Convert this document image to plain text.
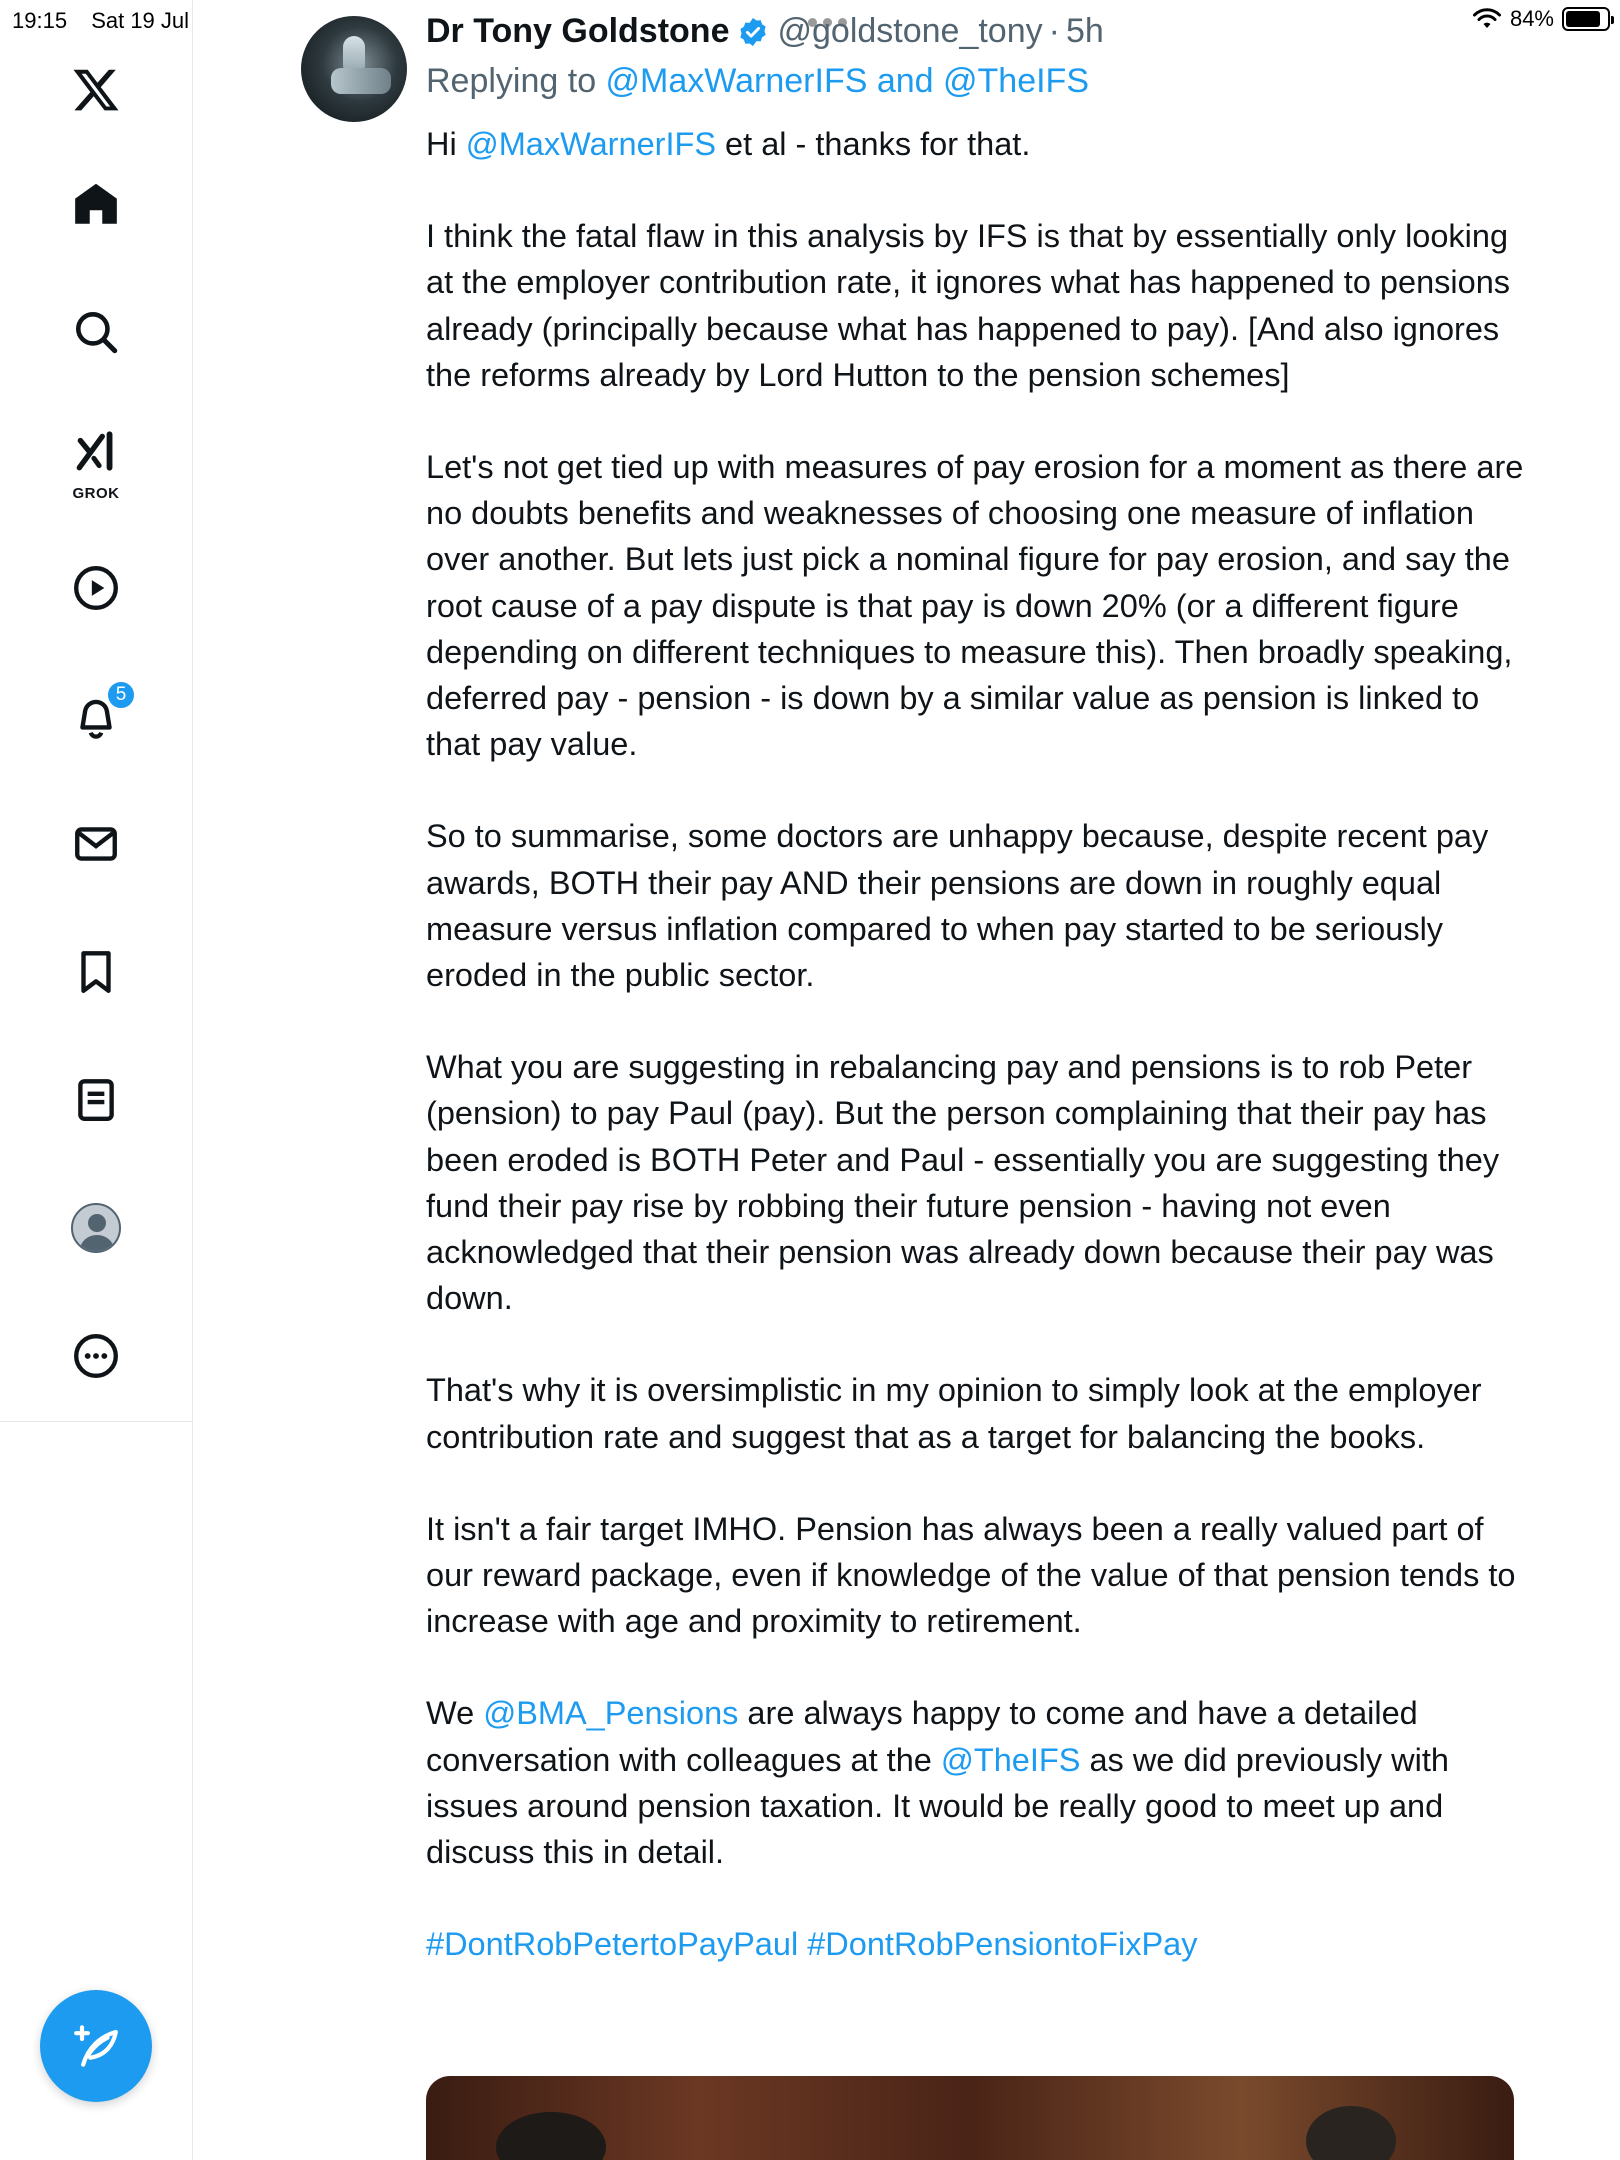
19:15 Sat 19 Jul	84%
GROK
5
Dr Tony Goldstone @goldstone_tony · 5h
Replying to @MaxWarnerIFS and @TheIFS

Hi @MaxWarnerIFS et al - thanks for that.

I think the fatal flaw in this analysis by IFS is that by essentially only looking at the employer contribution rate, it ignores what has happened to pensions already (principally because what has happened to pay). [And also ignores the reforms already by Lord Hutton to the pension schemes]

Let's not get tied up with measures of pay erosion for a moment as there are no doubts benefits and weaknesses of choosing one measure of inflation over another. But lets just pick a nominal figure for pay erosion, and say the root cause of a pay dispute is that pay is down 20% (or a different figure depending on different techniques to measure this). Then broadly speaking, deferred pay - pension - is down by a similar value as pension is linked to that pay value.

So to summarise, some doctors are unhappy because, despite recent pay awards, BOTH their pay AND their pensions are down in roughly equal measure versus inflation compared to when pay started to be seriously eroded in the public sector.

What you are suggesting in rebalancing pay and pensions is to rob Peter (pension) to pay Paul (pay). But the person complaining that their pay has been eroded is BOTH Peter and Paul - essentially you are suggesting they fund their pay rise by robbing their future pension - having not even acknowledged that their pension was already down because their pay was down.

That's why it is oversimplistic in my opinion to simply look at the employer contribution rate and suggest that as a target for balancing the books.

It isn't a fair target IMHO. Pension has always been a really valued part of our reward package, even if knowledge of the value of that pension tends to increase with age and proximity to retirement.

We @BMA_Pensions are always happy to come and have a detailed conversation with colleagues at the @TheIFS as we did previously with issues around pension taxation. It would be really good to meet up and discuss this in detail.

#DontRobPetertoPayPaul #DontRobPensiontoFixPay
